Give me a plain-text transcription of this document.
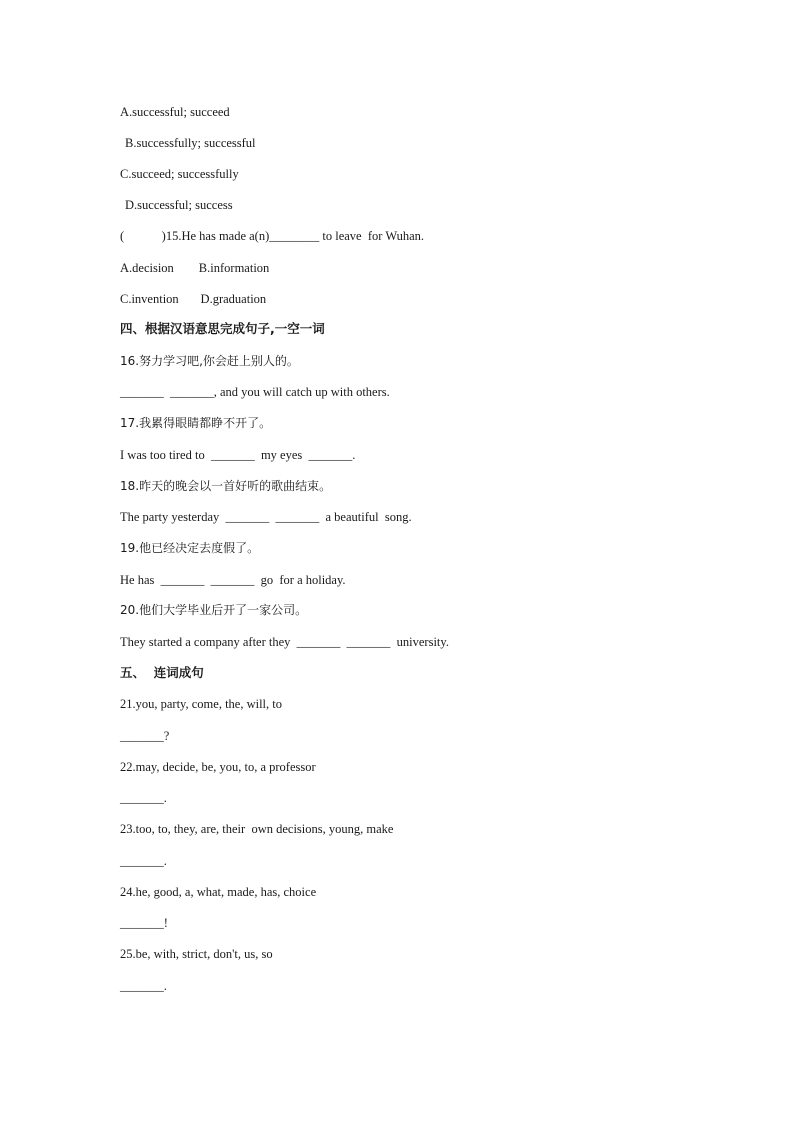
A.successful; succeed
B.successfully; successful
C.succeed; successfully
D.successful; success
(            )15.He has made a(n)________ to leave  for Wuhan.
A.decision        B.information
C.invention       D.graduation
四、根据汉语意思完成句子,一空一词
16.努力学习吧,你会赶上别人的。
_______  _______, and you will catch up with others.
17.我累得眼睛都睁不开了。
I was too tired to  _______  my eyes  _______.
18.昨天的晚会以一首好听的歌曲结束。
The party yesterday  _______  _______  a beautiful  song.
19.他已经决定去度假了。
He has  _______  _______  go  for a holiday.
20.他们大学毕业后开了一家公司。
They started a company after they  _______  _______  university.
五、  连词成句
21.you, party, come, the, will, to
_______?
22.may, decide, be, you, to, a professor
_______.
23.too, to, they, are, their  own decisions, young, make
_______.
24.he, good, a, what, made, has, choice
_______!
25.be, with, strict, don't, us, so
_______.
